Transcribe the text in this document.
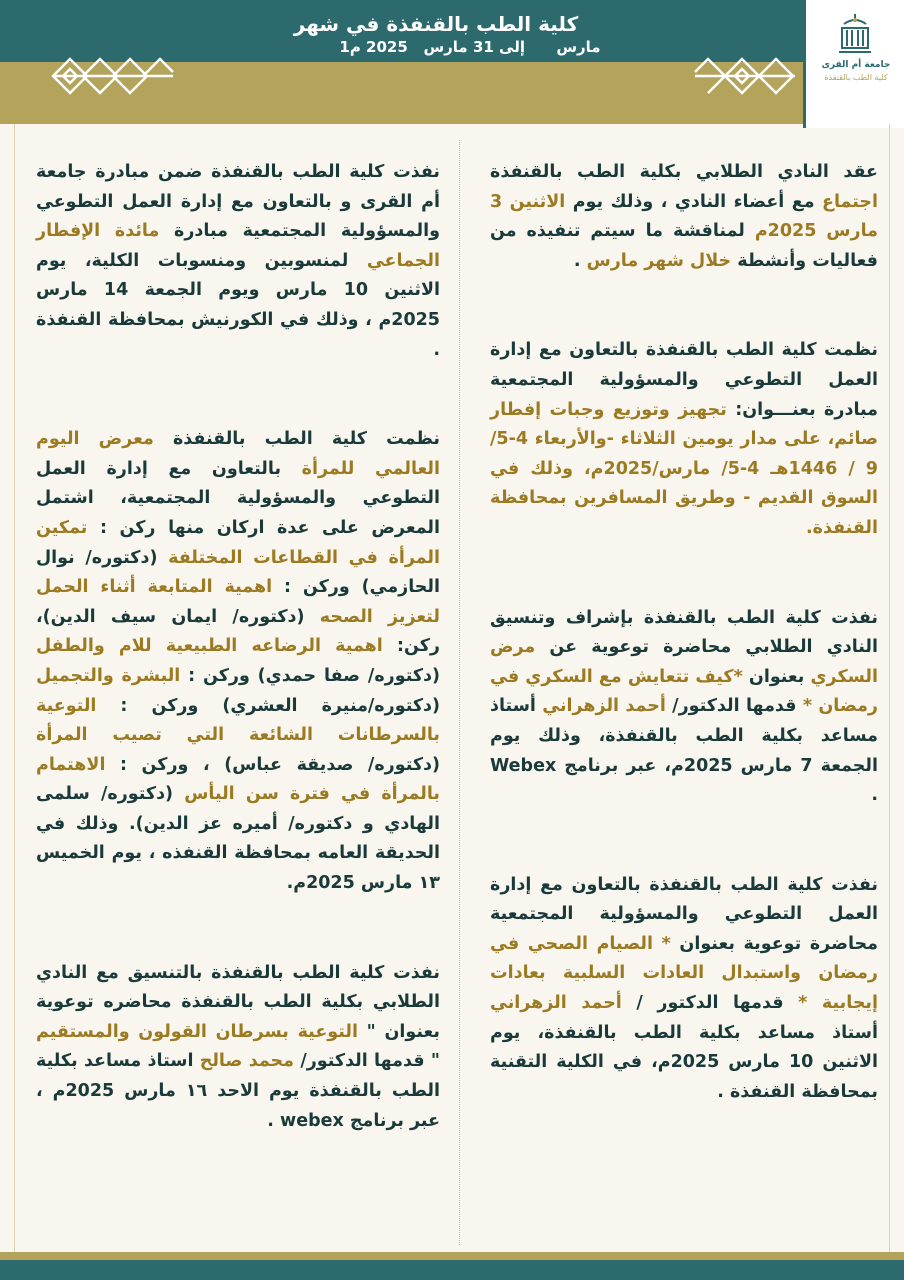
كلية الطب بالقنفذة في شهر
1مارس      إلى 31 مارس   2025 م
جامعة أم القرى
كلية الطب بالقنفذة

عقد النادي الطلابي بكلية الطب بالقنفذة اجتماع مع أعضاء النادي ، وذلك يوم الاثنين 3 مارس 2025م لمناقشة ما سيتم تنفيذه من فعاليات وأنشطة خلال شهر مارس .

نظمت كلية الطب بالقنفذة بالتعاون مع إدارة العمل التطوعي والمسؤولية المجتمعية مبادرة بعنـــوان: تجهيز وتوزيع وجبات إفطار صائم، على مدار يومين الثلاثاء -والأربعاء 4-5/ 9 / 1446هـ 4-5/ مارس/2025م، وذلك في السوق القديم - وطريق المسافرين بمحافظة القنفذة.

نفذت كلية الطب بالقنفذة بإشراف وتنسيق النادي الطلابي محاضرة توعوية عن مرض السكري بعنوان *كيف تتعايش مع السكري في رمضان * قدمها الدكتور/ أحمد الزهراني أستاذ مساعد بكلية الطب بالقنفذة، وذلك يوم الجمعة 7 مارس 2025م، عبر برنامج Webex .

نفذت كلية الطب بالقنفذة بالتعاون مع إدارة العمل التطوعي والمسؤولية المجتمعية محاضرة توعوية بعنوان * الصيام الصحي في رمضان واستبدال العادات السلبية بعادات إيجابية * قدمها الدكتور / أحمد الزهراني أستاذ مساعد بكلية الطب بالقنفذة، يوم الاثنين 10 مارس 2025م، في الكلية التقنية بمحافظة القنفذة .

نفذت كلية الطب بالقنفذة ضمن مبادرة جامعة أم القرى و بالتعاون مع إدارة العمل التطوعي والمسؤولية المجتمعية مبادرة مائدة الإفطار الجماعي لمنسوبين ومنسوبات الكلية، يوم الاثنين 10 مارس ويوم الجمعة 14 مارس 2025م ، وذلك في الكورنيش بمحافظة القنفذة .

نظمت كلية الطب بالقنفذة معرض اليوم العالمي للمرأة بالتعاون مع إدارة العمل التطوعي والمسؤولية المجتمعية، اشتمل المعرض على عدة اركان منها ركن : تمكين المرأة في القطاعات المختلفة (دكتوره/ نوال الحازمي) وركن : اهمية المتابعة أثناء الحمل لتعزيز الصحه (دكتوره/ ايمان سيف الدين)، ركن: اهمية الرضاعه الطبيعية للام والطفل (دكتوره/ صفا حمدي) وركن : البشرة والتجميل (دكتوره/منيرة العشري) وركن : التوعية بالسرطانات الشائعة التي تصيب المرأة (دكتوره/ صديقة عباس) ، وركن : الاهتمام بالمرأة في فترة سن اليأس (دكتوره/ سلمى الهادي و دكتوره/ أميره عز الدين). وذلك في الحديقة العامه بمحافظة القنفذه ، يوم الخميس ١٣ مارس 2025م.

نفذت كلية الطب بالقنفذة بالتنسيق مع النادي الطلابي بكلية الطب بالقنفذة محاضره توعوية بعنوان " التوعية بسرطان القولون والمستقيم " قدمها الدكتور/ محمد صالح استاذ مساعد بكلية الطب بالقنفذة يوم الاحد ١٦ مارس 2025م ، عبر برنامج webex .
